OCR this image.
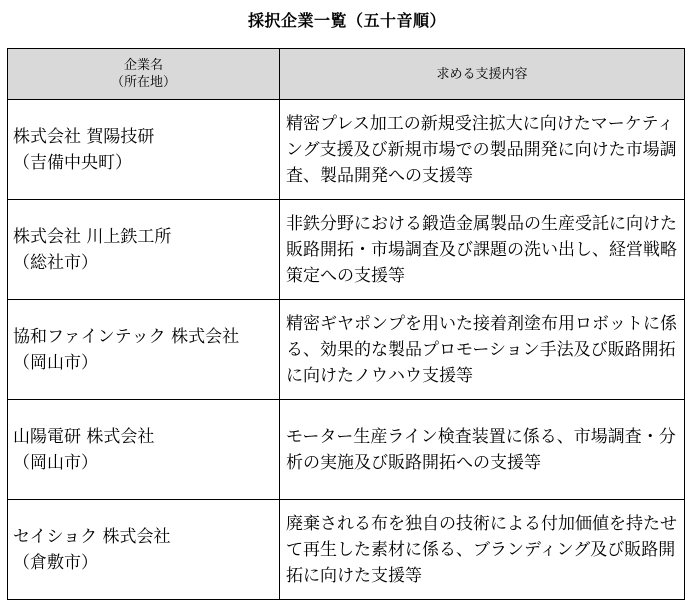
採択企業一覧（五十音順）
企業名
（所在地）	求める支援内容

株式会社 賀陽技研
（吉備中央町）	精密プレス加工の新規受注拡大に向けたマーケティング支援及び新規市場での製品開発に向けた市場調査、製品開発への支援等

株式会社 川上鉄工所
（総社市）	非鉄分野における鍛造金属製品の生産受託に向けた販路開拓・市場調査及び課題の洗い出し、経営戦略策定への支援等

協和ファインテック 株式会社
（岡山市）	精密ギヤポンプを用いた接着剤塗布用ロボットに係る、効果的な製品プロモーション手法及び販路開拓に向けたノウハウ支援等

山陽電研 株式会社
（岡山市）	モーター生産ライン検査装置に係る、市場調査・分析の実施及び販路開拓への支援等

セイショク 株式会社
（倉敷市）	廃棄される布を独自の技術による付加価値を持たせて再生した素材に係る、ブランディング及び販路開拓に向けた支援等
